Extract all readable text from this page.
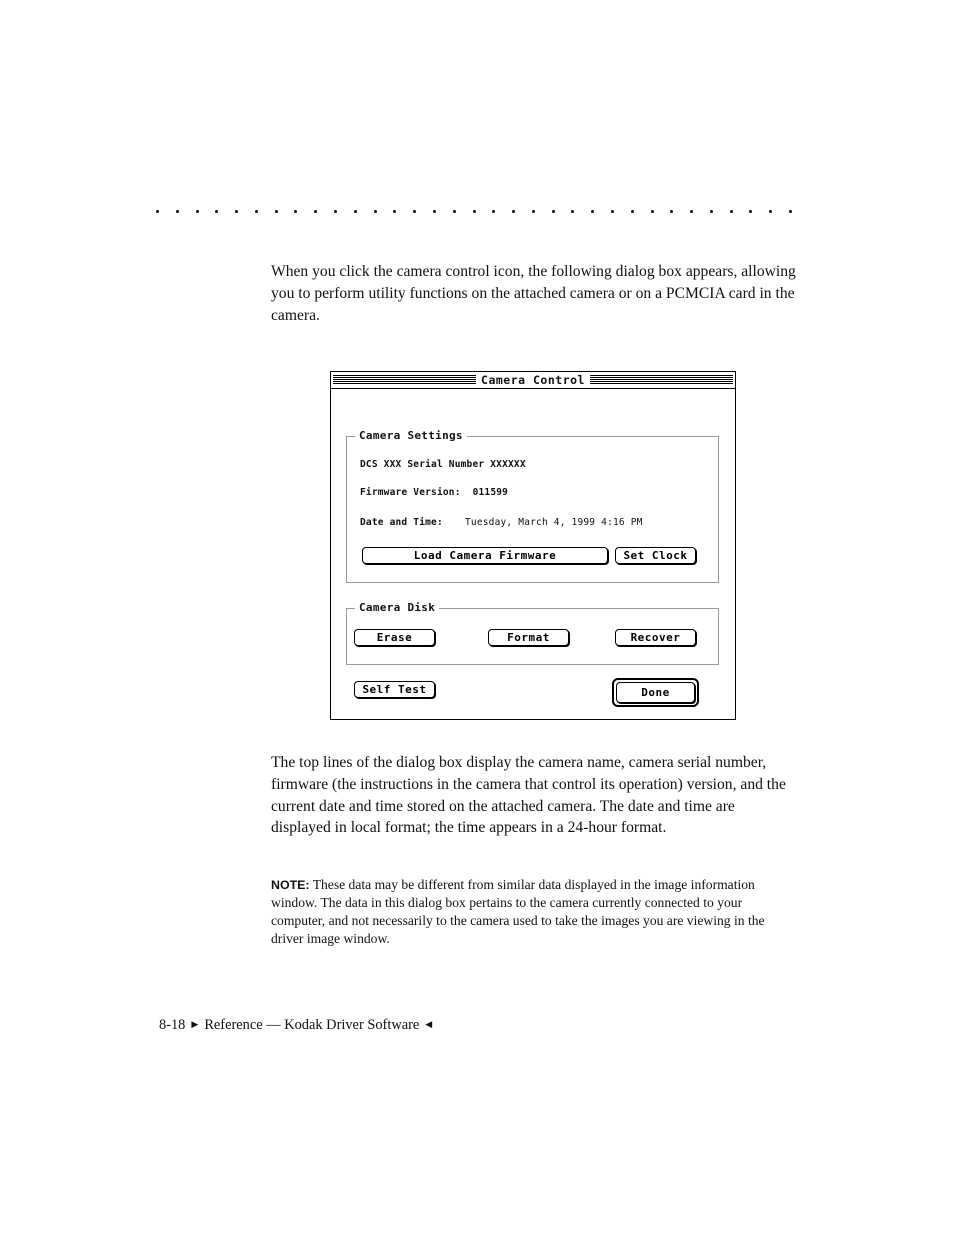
When you click the camera control icon, the following dialog box appears, allowing you to perform utility functions on the attached camera or on a PCMCIA card in the camera.

Camera Control
Camera Settings
DCS XXX Serial Number XXXXXX
Firmware Version: 011599
Date and Time: Tuesday, March 4, 1999 4:16 PM
Load Camera Firmware	Set Clock
Camera Disk
Erase	Format	Recover
Self Test	Done

The top lines of the dialog box display the camera name, camera serial number, firmware (the instructions in the camera that control its operation) version, and the current date and time stored on the attached camera. The date and time are displayed in local format; the time appears in a 24-hour format.

NOTE: These data may be different from similar data displayed in the image information window. The data in this dialog box pertains to the camera currently connected to your computer, and not necessarily to the camera used to take the images you are viewing in the driver image window.

8-18 ▶ Reference — Kodak Driver Software ◀
